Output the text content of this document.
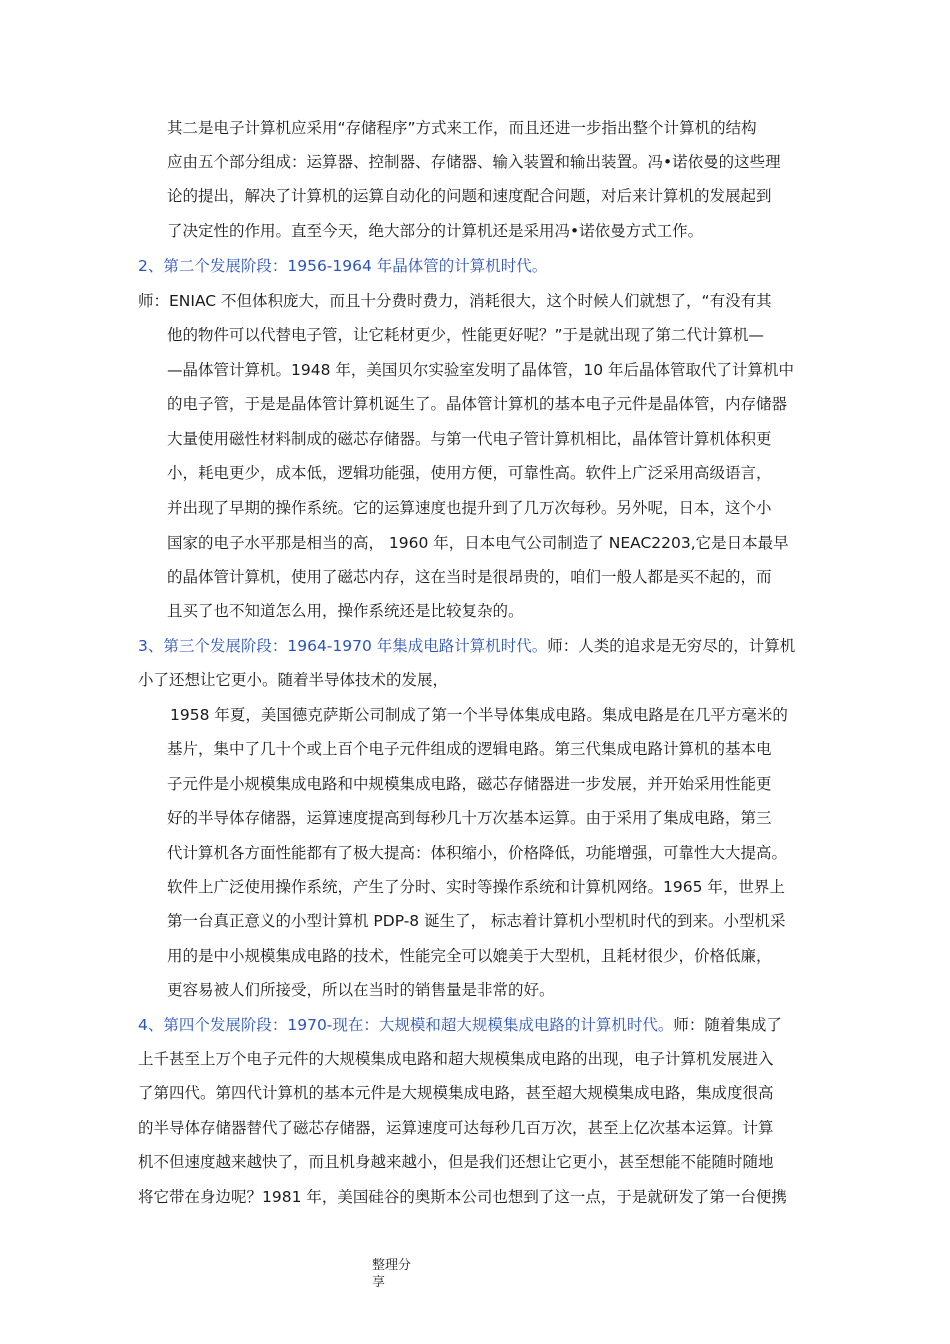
其二是电子计算机应采用“存储程序”方式来工作，而且还进一步指出整个计算机的结构
应由五个部分组成：运算器、控制器、存储器、输入装置和输出装置。冯•诺依曼的这些理
论的提出，解决了计算机的运算自动化的问题和速度配合问题，对后来计算机的发展起到
了决定性的作用。直至今天，绝大部分的计算机还是采用冯•诺依曼方式工作。
2、第二个发展阶段：1956-1964 年晶体管的计算机时代。
师：ENIAC 不但体积庞大，而且十分费时费力，消耗很大，这个时候人们就想了，“有没有其
他的物件可以代替电子管，让它耗材更少，性能更好呢？”于是就出现了第二代计算机—
—晶体管计算机。1948 年，美国贝尔实验室发明了晶体管，10 年后晶体管取代了计算机中
的电子管，于是是晶体管计算机诞生了。晶体管计算机的基本电子元件是晶体管，内存储器
大量使用磁性材料制成的磁芯存储器。与第一代电子管计算机相比，晶体管计算机体积更
小，耗电更少，成本低，逻辑功能强，使用方便，可靠性高。软件上广泛采用高级语言，
并出现了早期的操作系统。它的运算速度也提升到了几万次每秒。另外呢，日本，这个小
国家的电子水平那是相当的高， 1960 年，日本电气公司制造了 NEAC2203,它是日本最早
的晶体管计算机，使用了磁芯内存，这在当时是很昂贵的，咱们一般人都是买不起的，而
且买了也不知道怎么用，操作系统还是比较复杂的。
3、第三个发展阶段：1964-1970 年集成电路计算机时代。师：人类的追求是无穷尽的，计算机
小了还想让它更小。随着半导体技术的发展，
1958 年夏，美国德克萨斯公司制成了第一个半导体集成电路。集成电路是在几平方毫米的
基片，集中了几十个或上百个电子元件组成的逻辑电路。第三代集成电路计算机的基本电
子元件是小规模集成电路和中规模集成电路，磁芯存储器进一步发展，并开始采用性能更
好的半导体存储器，运算速度提高到每秒几十万次基本运算。由于采用了集成电路，第三
代计算机各方面性能都有了极大提高：体积缩小，价格降低，功能增强，可靠性大大提高。
软件上广泛使用操作系统，产生了分时、实时等操作系统和计算机网络。1965 年，世界上
第一台真正意义的小型计算机 PDP-8 诞生了， 标志着计算机小型机时代的到来。小型机采
用的是中小规模集成电路的技术，性能完全可以媲美于大型机，且耗材很少，价格低廉，
更容易被人们所接受，所以在当时的销售量是非常的好。
4、第四个发展阶段：1970-现在：大规模和超大规模集成电路的计算机时代。师：随着集成了
上千甚至上万个电子元件的大规模集成电路和超大规模集成电路的出现，电子计算机发展进入
了第四代。第四代计算机的基本元件是大规模集成电路，甚至超大规模集成电路，集成度很高
的半导体存储器替代了磁芯存储器，运算速度可达每秒几百万次，甚至上亿次基本运算。计算
机不但速度越来越快了，而且机身越来越小，但是我们还想让它更小，甚至想能不能随时随地
将它带在身边呢？1981 年，美国硅谷的奥斯本公司也想到了这一点，于是就研发了第一台便携
整理分
享
